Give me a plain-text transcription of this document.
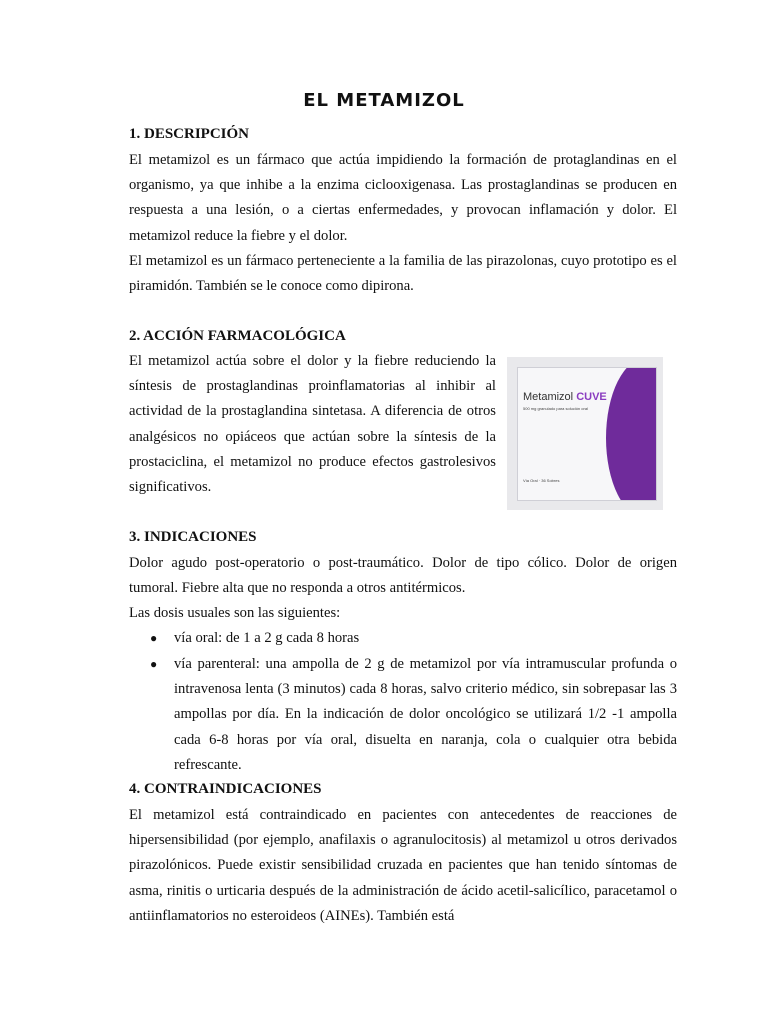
EL METAMIZOL
1. DESCRIPCIÓN

El metamizol es un fármaco que actúa impidiendo la formación de protaglandinas en el organismo, ya que inhibe a la enzima ciclooxigenasa. Las prostaglandinas se producen en respuesta a una lesión, o a ciertas enfermedades, y provocan inflamación y dolor. El metamizol reduce la fiebre y el dolor.

El metamizol es un fármaco perteneciente a la familia de las pirazolonas, cuyo prototipo es el piramidón. También se le conoce como dipirona.

2. ACCIÓN FARMACOLÓGICA

El metamizol actúa sobre el dolor y la fiebre reduciendo la síntesis de prostaglandinas proinflamatorias al inhibir al actividad de la prostaglandina sintetasa. A diferencia de otros analgésicos no opiáceos que actúan sobre la síntesis de la prostaciclina, el metamizol no produce efectos gastrolesivos significativos.

Metamizol CUVE
500 mg granulado para solución oral
Vía Oral · 36 Sobres
3. INDICACIONES

Dolor agudo post-operatorio o post-traumático. Dolor de tipo cólico. Dolor de origen tumoral. Fiebre alta que no responda a otros antitérmicos.

Las dosis usuales son las siguientes:

● vía oral: de 1 a 2 g cada 8 horas
● vía parenteral: una ampolla de 2 g de metamizol por vía intramuscular profunda o intravenosa lenta (3 minutos) cada 8 horas, salvo criterio médico, sin sobrepasar las 3 ampollas por día. En la indicación de dolor oncológico se utilizará 1/2 -1 ampolla cada 6-8 horas por vía oral, disuelta en naranja, cola o cualquier otra bebida refrescante.
4. CONTRAINDICACIONES

El metamizol está contraindicado en pacientes con antecedentes de reacciones de hipersensibilidad (por ejemplo, anafilaxis o agranulocitosis) al metamizol u otros derivados pirazolónicos. Puede existir sensibilidad cruzada en pacientes que han tenido síntomas de asma, rinitis o urticaria después de la administración de ácido acetil-salicílico, paracetamol o antiinflamatorios no esteroideos (AINEs). También está
